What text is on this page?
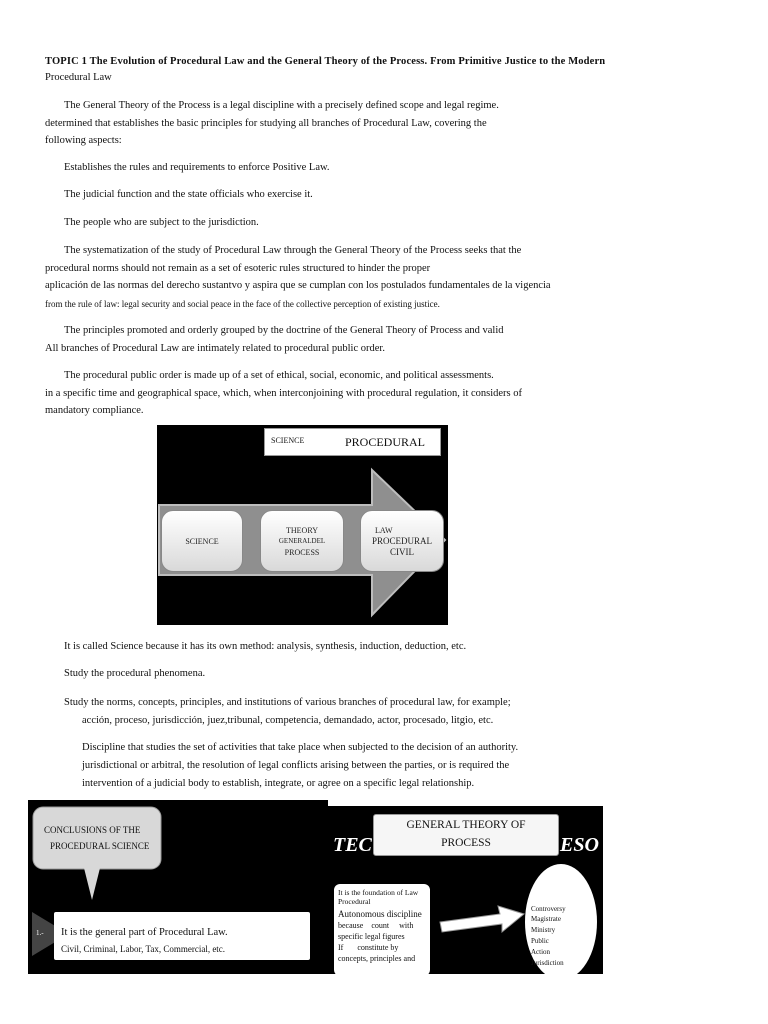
TOPIC 1 The Evolution of Procedural Law and the General Theory of the Process. From Primitive Justice to the Modern
Procedural Law
The General Theory of the Process is a legal discipline with a precisely defined scope and legal regime.
determined that establishes the basic principles for studying all branches of Procedural Law, covering the
following aspects:
Establishes the rules and requirements to enforce Positive Law.
The judicial function and the state officials who exercise it.
The people who are subject to the jurisdiction.
The systematization of the study of Procedural Law through the General Theory of the Process seeks that the
procedural norms should not remain as a set of esoteric rules structured to hinder the proper
aplicación de las normas del derecho sustantvo y aspira que se cumplan con los postulados fundamentales de la vigencia
from the rule of law: legal security and social peace in the face of the collective perception of existing justice.
The principles promoted and orderly grouped by the doctrine of the General Theory of Process and valid
All branches of Procedural Law are intimately related to procedural public order.
The procedural public order is made up of a set of ethical, social, economic, and political assessments.
in a specific time and geographical space, which, when interconjoining with procedural regulation, it considers of
mandatory compliance.
SCIENCE	PROCEDURAL
SCIENCE
THEORY
GENERALDEL
PROCESS
LAW
PROCEDURAL
CIVIL
It is called Science because it has its own method: analysis, synthesis, induction, deduction, etc.
Study the procedural phenomena.
Study the norms, concepts, principles, and institutions of various branches of procedural law, for example;
acción, proceso, jurisdicción, juez,tribunal, competencia, demandado, actor, procesado, litgio, etc.
Discipline that studies the set of activities that take place when subjected to the decision of an authority.
jurisdictional or arbitral, the resolution of legal conflicts arising between the parties, or is required the
intervention of a judicial body to establish, integrate, or agree on a specific legal relationship.
CONCLUSIONS OF THE
PROCEDURAL SCIENCE	TEC	ESO
GENERAL THEORY OF
PROCESS
1.- It is the general part of Procedural Law.
Civil, Criminal, Labor, Tax, Commercial, etc.
It is the foundation of Law Procedural
Autonomous discipline
because    count     with
specific legal figures
If       constitute by
concepts, principles and
Controversy
Magistrate
Ministry
Public
Action
Jurisdiction
